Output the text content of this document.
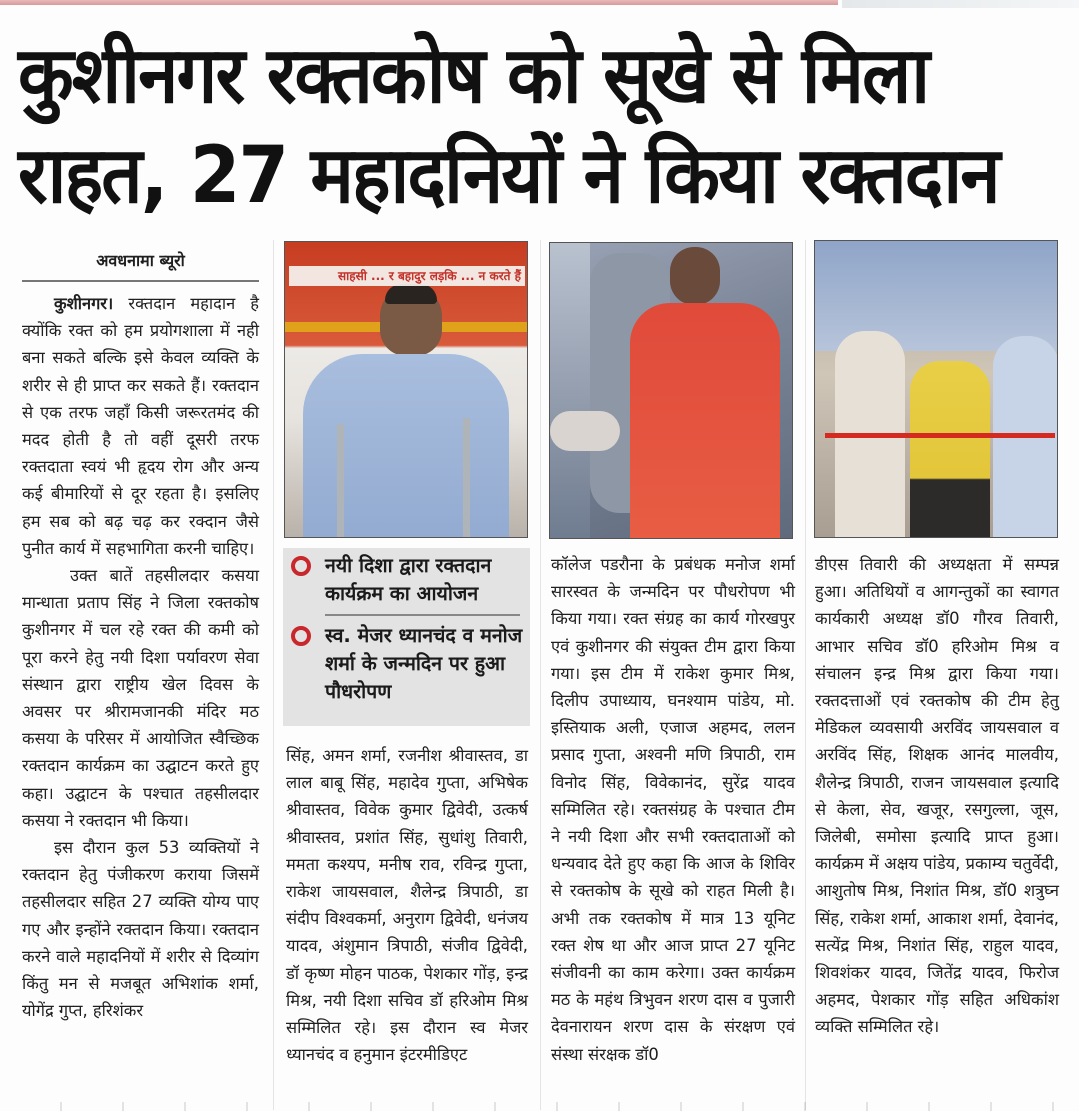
कुशीनगर रक्तकोष को सूखे से मिला
राहत, 27 महादनियों ने किया रक्तदान
अवधनामा ब्यूरो

कुशीनगर। रक्तदान महादान है क्योंकि रक्त को हम प्रयोगशाला में नही बना सकते बल्कि इसे केवल व्यक्ति के शरीर से ही प्राप्त कर सकते हैं। रक्तदान से एक तरफ जहाँ किसी जरूरतमंद की मदद होती है तो वहीं दूसरी तरफ रक्तदाता स्वयं भी हृदय रोग और अन्य कई बीमारियों से दूर रहता है। इसलिए हम सब को बढ़ चढ़ कर रक्दान जैसे पुनीत कार्य में सहभागिता करनी चाहिए।

उक्त बातें तहसीलदार कसया मान्धाता प्रताप सिंह ने जिला रक्तकोष कुशीनगर में चल रहे रक्त की कमी को पूरा करने हेतु नयी दिशा पर्यावरण सेवा संस्थान द्वारा राष्ट्रीय खेल दिवस के अवसर पर श्रीरामजानकी मंदिर मठ कसया के परिसर में आयोजित स्वैच्छिक रक्तदान कार्यक्रम का उद्घाटन करते हुए कहा। उद्घाटन के पश्चात तहसीलदार कसया ने रक्तदान भी किया।

इस दौरान कुल 53 व्यक्तियों ने रक्तदान हेतु पंजीकरण कराया जिसमें तहसीलदार सहित 27 व्यक्ति योग्य पाए गए और इन्होंने रक्तदान किया। रक्तदान करने वाले महादनियों में शरीर से दिव्यांग किंतु मन से मजबूत अभिशांक शर्मा, योगेंद्र गुप्त, हरिशंकर

साहसी ... र बहादुर लड़कि ... न करते हैं
नयी दिशा द्वारा रक्तदान कार्यक्रम का आयोजन
स्व. मेजर ध्यानचंद व मनोज शर्मा के जन्मदिन पर हुआ पौधरोपण

सिंह, अमन शर्मा, रजनीश श्रीवास्तव, डा लाल बाबू सिंह, महादेव गुप्ता, अभिषेक श्रीवास्तव, विवेक कुमार द्विवेदी, उत्कर्ष श्रीवास्तव, प्रशांत सिंह, सुधांशु तिवारी, ममता कश्यप, मनीष राव, रविन्द्र गुप्ता, राकेश जायसवाल, शैलेन्द्र त्रिपाठी, डा संदीप विश्वकर्मा, अनुराग द्विवेदी, धनंजय यादव, अंशुमान त्रिपाठी, संजीव द्विवेदी, डॉ कृष्ण मोहन पाठक, पेशकार गोंड़, इन्द्र मिश्र, नयी दिशा सचिव डॉ हरिओम मिश्र सम्मिलित रहे। इस दौरान स्व मेजर ध्यानचंद व हनुमान इंटरमीडिएट

कॉलेज पडरौना के प्रबंधक मनोज शर्मा सारस्वत के जन्मदिन पर पौधरोपण भी किया गया। रक्त संग्रह का कार्य गोरखपुर एवं कुशीनगर की संयुक्त टीम द्वारा किया गया। इस टीम में राकेश कुमार मिश्र, दिलीप उपाध्याय, घनश्याम पांडेय, मो. इस्तियाक अली, एजाज अहमद, ललन प्रसाद गुप्ता, अश्वनी मणि त्रिपाठी, राम विनोद सिंह, विवेकानंद, सुरेंद्र यादव सम्मिलित रहे। रक्तसंग्रह के पश्चात टीम ने नयी दिशा और सभी रक्तदाताओं को धन्यवाद देते हुए कहा कि आज के शिविर से रक्तकोष के सूखे को राहत मिली है। अभी तक रक्तकोष में मात्र 13 यूनिट रक्त शेष था और आज प्राप्त 27 यूनिट संजीवनी का काम करेगा। उक्त कार्यक्रम मठ के महंथ त्रिभुवन शरण दास व पुजारी देवनारायन शरण दास के संरक्षण एवं संस्था संरक्षक डॉ0

डीएस तिवारी की अध्यक्षता में सम्पन्न हुआ। अतिथियों व आगन्तुकों का स्वागत कार्यकारी अध्यक्ष डॉ0 गौरव तिवारी, आभार सचिव डॉ0 हरिओम मिश्र व संचालन इन्द्र मिश्र द्वारा किया गया। रक्तदत्ताओं एवं रक्तकोष की टीम हेतु मेडिकल व्यवसायी अरविंद जायसवाल व अरविंद सिंह, शिक्षक आनंद मालवीय, शैलेन्द्र त्रिपाठी, राजन जायसवाल इत्यादि से केला, सेव, खजूर, रसगुल्ला, जूस, जिलेबी, समोसा इत्यादि प्राप्त हुआ। कार्यक्रम में अक्षय पांडेय, प्रकाम्य चतुर्वेदी, आशुतोष मिश्र, निशांत मिश्र, डॉ0 शत्रुघ्न सिंह, राकेश शर्मा, आकाश शर्मा, देवानंद, सत्येंद्र मिश्र, निशांत सिंह, राहुल यादव, शिवशंकर यादव, जितेंद्र यादव, फिरोज अहमद, पेशकार गोंड़ सहित अधिकांश व्यक्ति सम्मिलित रहे।
